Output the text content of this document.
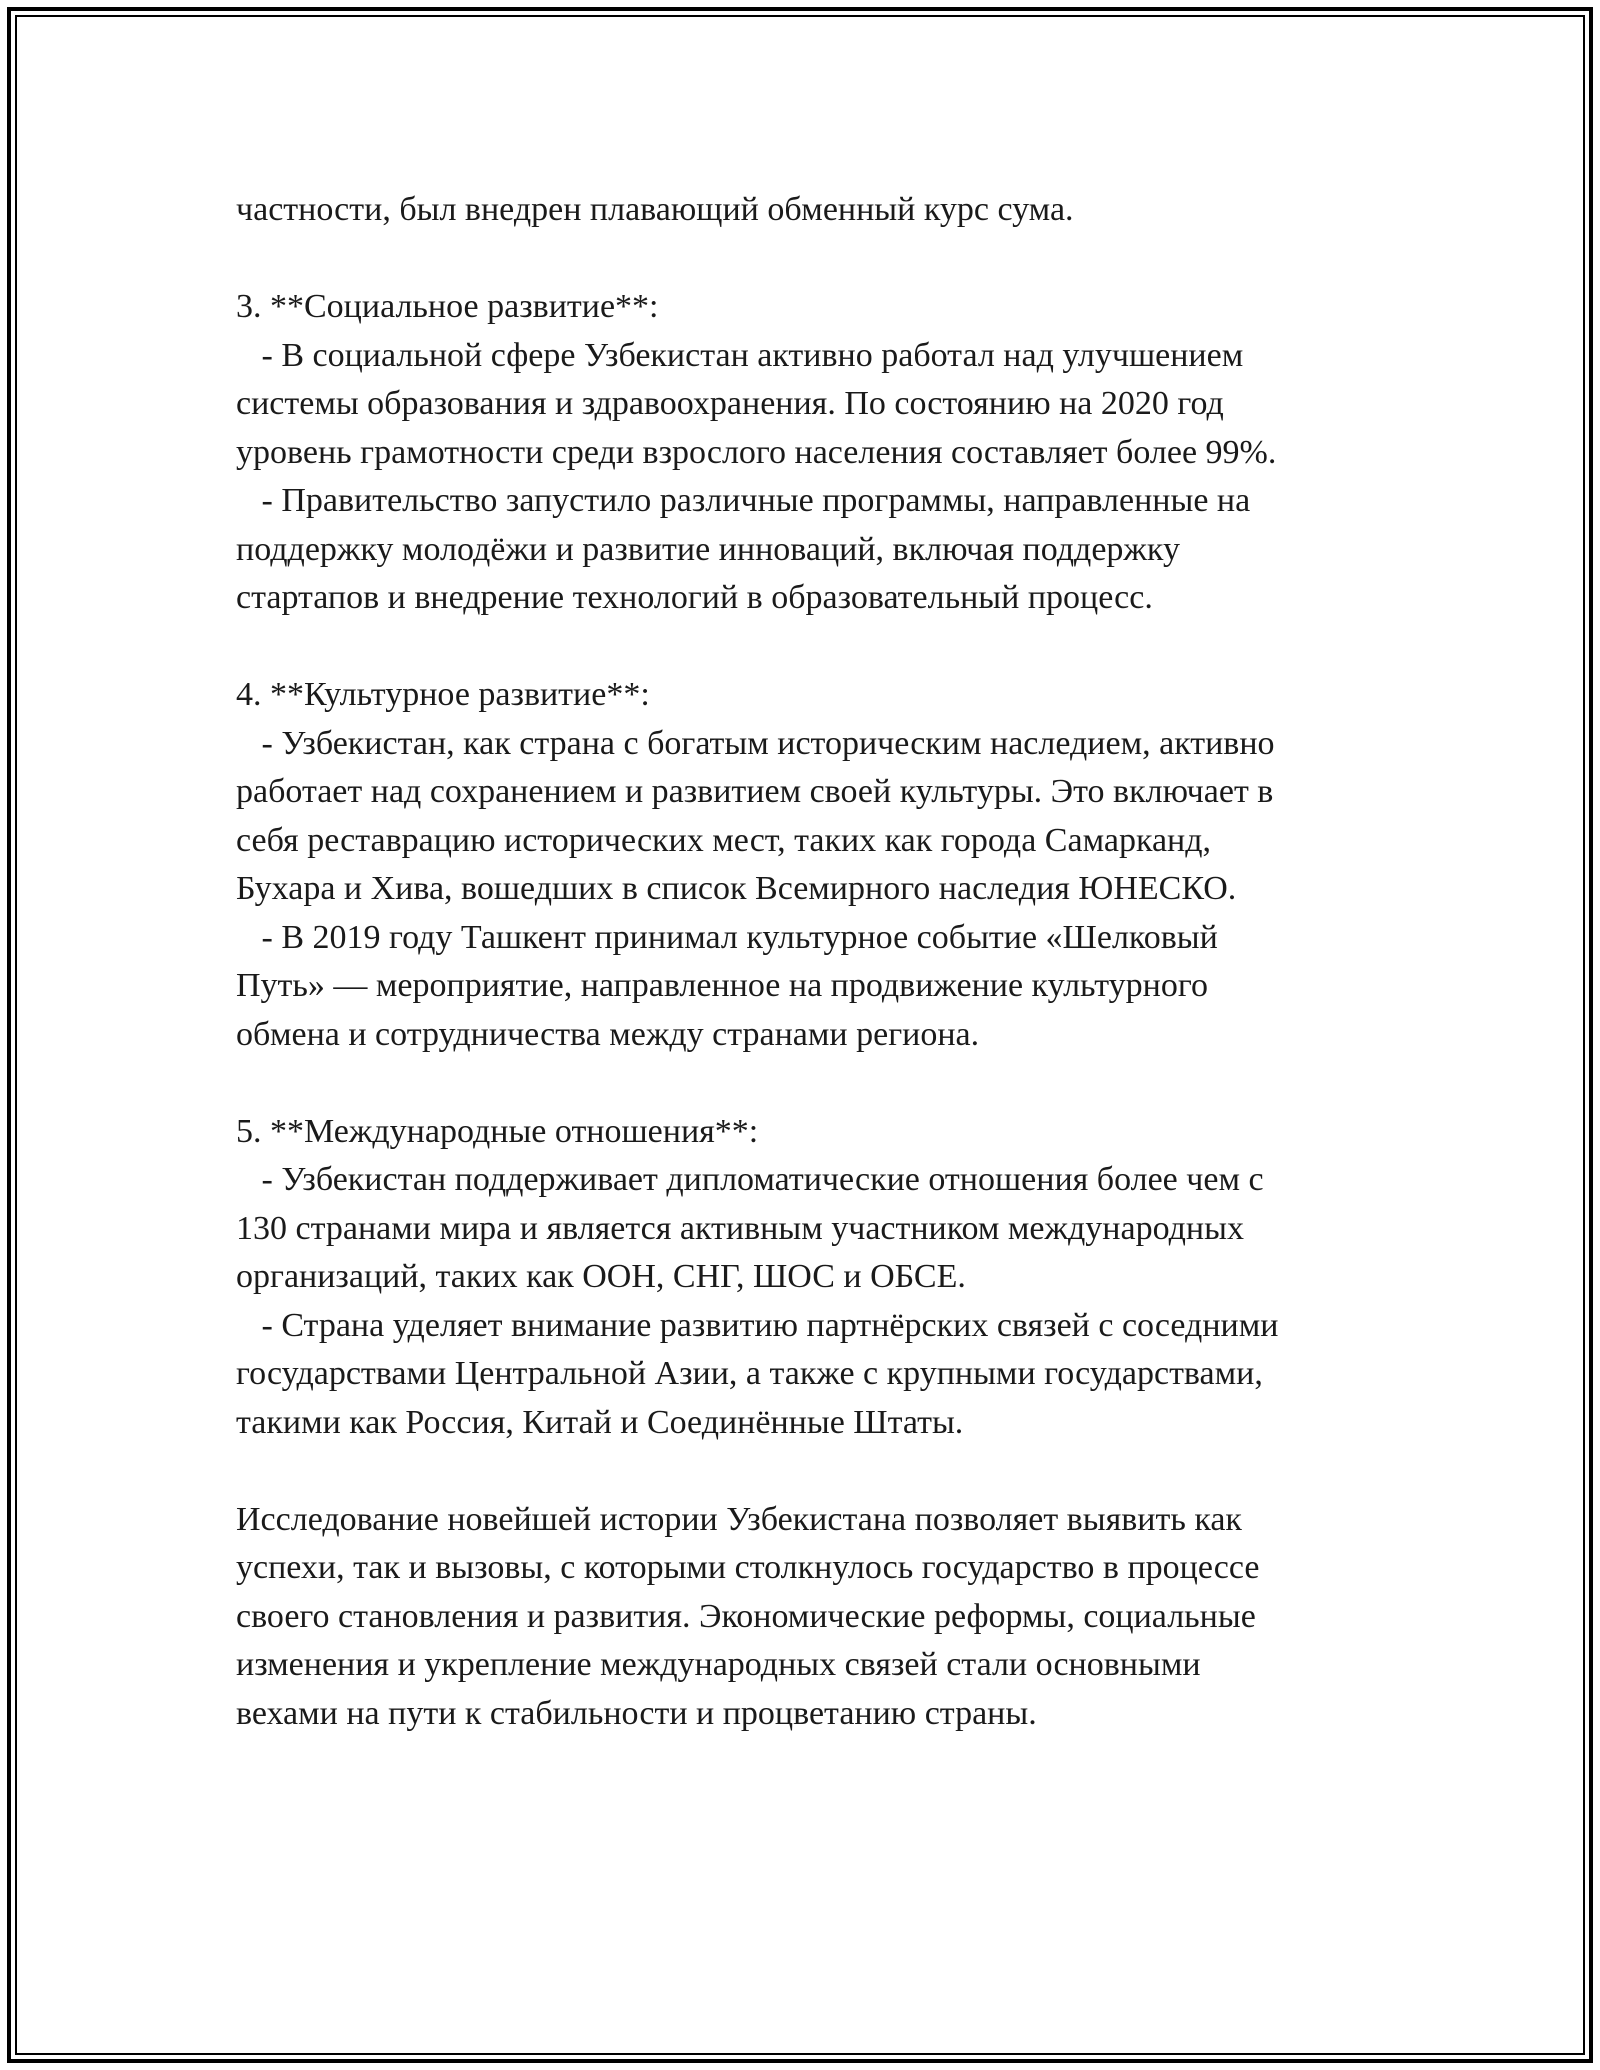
частности, был внедрен плавающий обменный курс сума.
3. **Социальное развитие**:
- В социальной сфере Узбекистан активно работал над улучшением
системы образования и здравоохранения. По состоянию на 2020 год
уровень грамотности среди взрослого населения составляет более 99%.
- Правительство запустило различные программы, направленные на
поддержку молодёжи и развитие инноваций, включая поддержку
стартапов и внедрение технологий в образовательный процесс.
4. **Культурное развитие**:
- Узбекистан, как страна с богатым историческим наследием, активно
работает над сохранением и развитием своей культуры. Это включает в
себя реставрацию исторических мест, таких как города Самарканд,
Бухара и Хива, вошедших в список Всемирного наследия ЮНЕСКО.
- В 2019 году Ташкент принимал культурное событие «Шелковый
Путь» — мероприятие, направленное на продвижение культурного
обмена и сотрудничества между странами региона.
5. **Международные отношения**:
- Узбекистан поддерживает дипломатические отношения более чем с
130 странами мира и является активным участником международных
организаций, таких как ООН, СНГ, ШОС и ОБСЕ.
- Страна уделяет внимание развитию партнёрских связей с соседними
государствами Центральной Азии, а также с крупными государствами,
такими как Россия, Китай и Соединённые Штаты.
Исследование новейшей истории Узбекистана позволяет выявить как
успехи, так и вызовы, с которыми столкнулось государство в процессе
своего становления и развития. Экономические реформы, социальные
изменения и укрепление международных связей стали основными
вехами на пути к стабильности и процветанию страны.
